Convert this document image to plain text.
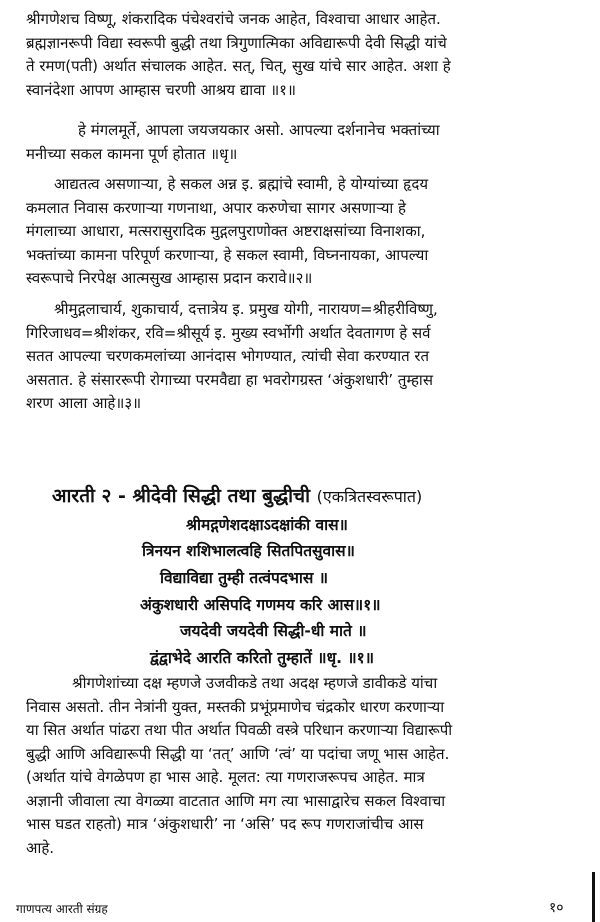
श्रीगणेशच विष्णू, शंकरादिक पंचेश्वरांचे जनक आहेत, विश्वाचा आधार आहेत.
ब्रह्मज्ञानरूपी विद्या स्वरूपी बुद्धी तथा त्रिगुणात्मिका अविद्यारूपी देवी सिद्धी यांचे
ते रमण(पती) अर्थात संचालक आहेत. सत्, चित्, सुख यांचे सार आहेत. अशा हे
स्वानंदेशा आपण आम्हास चरणी आश्रय द्यावा ॥१॥
हे मंगलमूर्ते, आपला जयजयकार असो. आपल्या दर्शनानेच भक्तांच्या
मनीच्या सकल कामना पूर्ण होतात ॥धृ॥
आद्यतत्व असणाऱ्या, हे सकल अन्न इ. ब्रह्मांचे स्वामी, हे योग्यांच्या हृदय
कमलात निवास करणाऱ्या गणनाथा, अपार करुणेचा सागर असणाऱ्या हे
मंगलाच्या आधारा, मत्सरासुरादिक मुद्गलपुराणोक्त अष्टराक्षसांच्या विनाशका,
भक्तांच्या कामना परिपूर्ण करणाऱ्या, हे सकल स्वामी, विघ्ननायका, आपल्या
स्वरूपाचे निरपेक्ष आत्मसुख आम्हास प्रदान करावे॥२॥
श्रीमुद्गलाचार्य, शुकाचार्य, दत्तात्रेय इ. प्रमुख योगी, नारायण=श्रीहरीविष्णु,
गिरिजाधव=श्रीशंकर, रवि=श्रीसूर्य इ. मुख्य स्वर्भोगी अर्थात देवतागण हे सर्व
सतत आपल्या चरणकमलांच्या आनंदास भोगण्यात, त्यांची सेवा करण्यात रत
असतात. हे संसाररूपी रोगाच्या परमवैद्या हा भवरोगग्रस्त ‘अंकुशधारी’ तुम्हास
शरण आला आहे॥३॥
आरती २ - श्रीदेवी सिद्धी तथा बुद्धीची (एकत्रितस्वरूपात)
श्रीमद्गणेशदक्षाऽदक्षांकी वास॥
त्रिनयन शशिभालत्वहि सितपितसुवास॥
विद्याविद्या तुम्ही तत्वंपदभास ॥
अंकुशधारी असिपदि गणमय करि आस॥१॥
जयदेवी जयदेवी सिद्धी-धी माते ॥
द्वंद्वाभेदे आरति करितो तुम्हातें ॥धृ. ॥१॥
श्रीगणेशांच्या दक्ष म्हणजे उजवीकडे तथा अदक्ष म्हणजे डावीकडे यांचा
निवास असतो. तीन नेत्रांनी युक्त, मस्तकी प्रभूंप्रमाणेच चंद्रकोर धारण करणाऱ्या
या सित अर्थात पांढरा तथा पीत अर्थात पिवळी वस्त्रे परिधान करणाऱ्या विद्यारूपी
बुद्धी आणि अविद्यारूपी सिद्धी या ‘तत्’ आणि ‘त्वं’ या पदांचा जणू भास आहेत.
(अर्थात यांचे वेगळेपण हा भास आहे. मूलत: त्या गणराजरूपच आहेत. मात्र
अज्ञानी जीवाला त्या वेगळ्या वाटतात आणि मग त्या भासाद्वारेच सकल विश्वाचा
भास घडत राहतो) मात्र ‘अंकुशधारी’ ना ‘असि’ पद रूप गणराजांचीच आस
आहे.
गाणपत्य आरती संग्रह	१०
